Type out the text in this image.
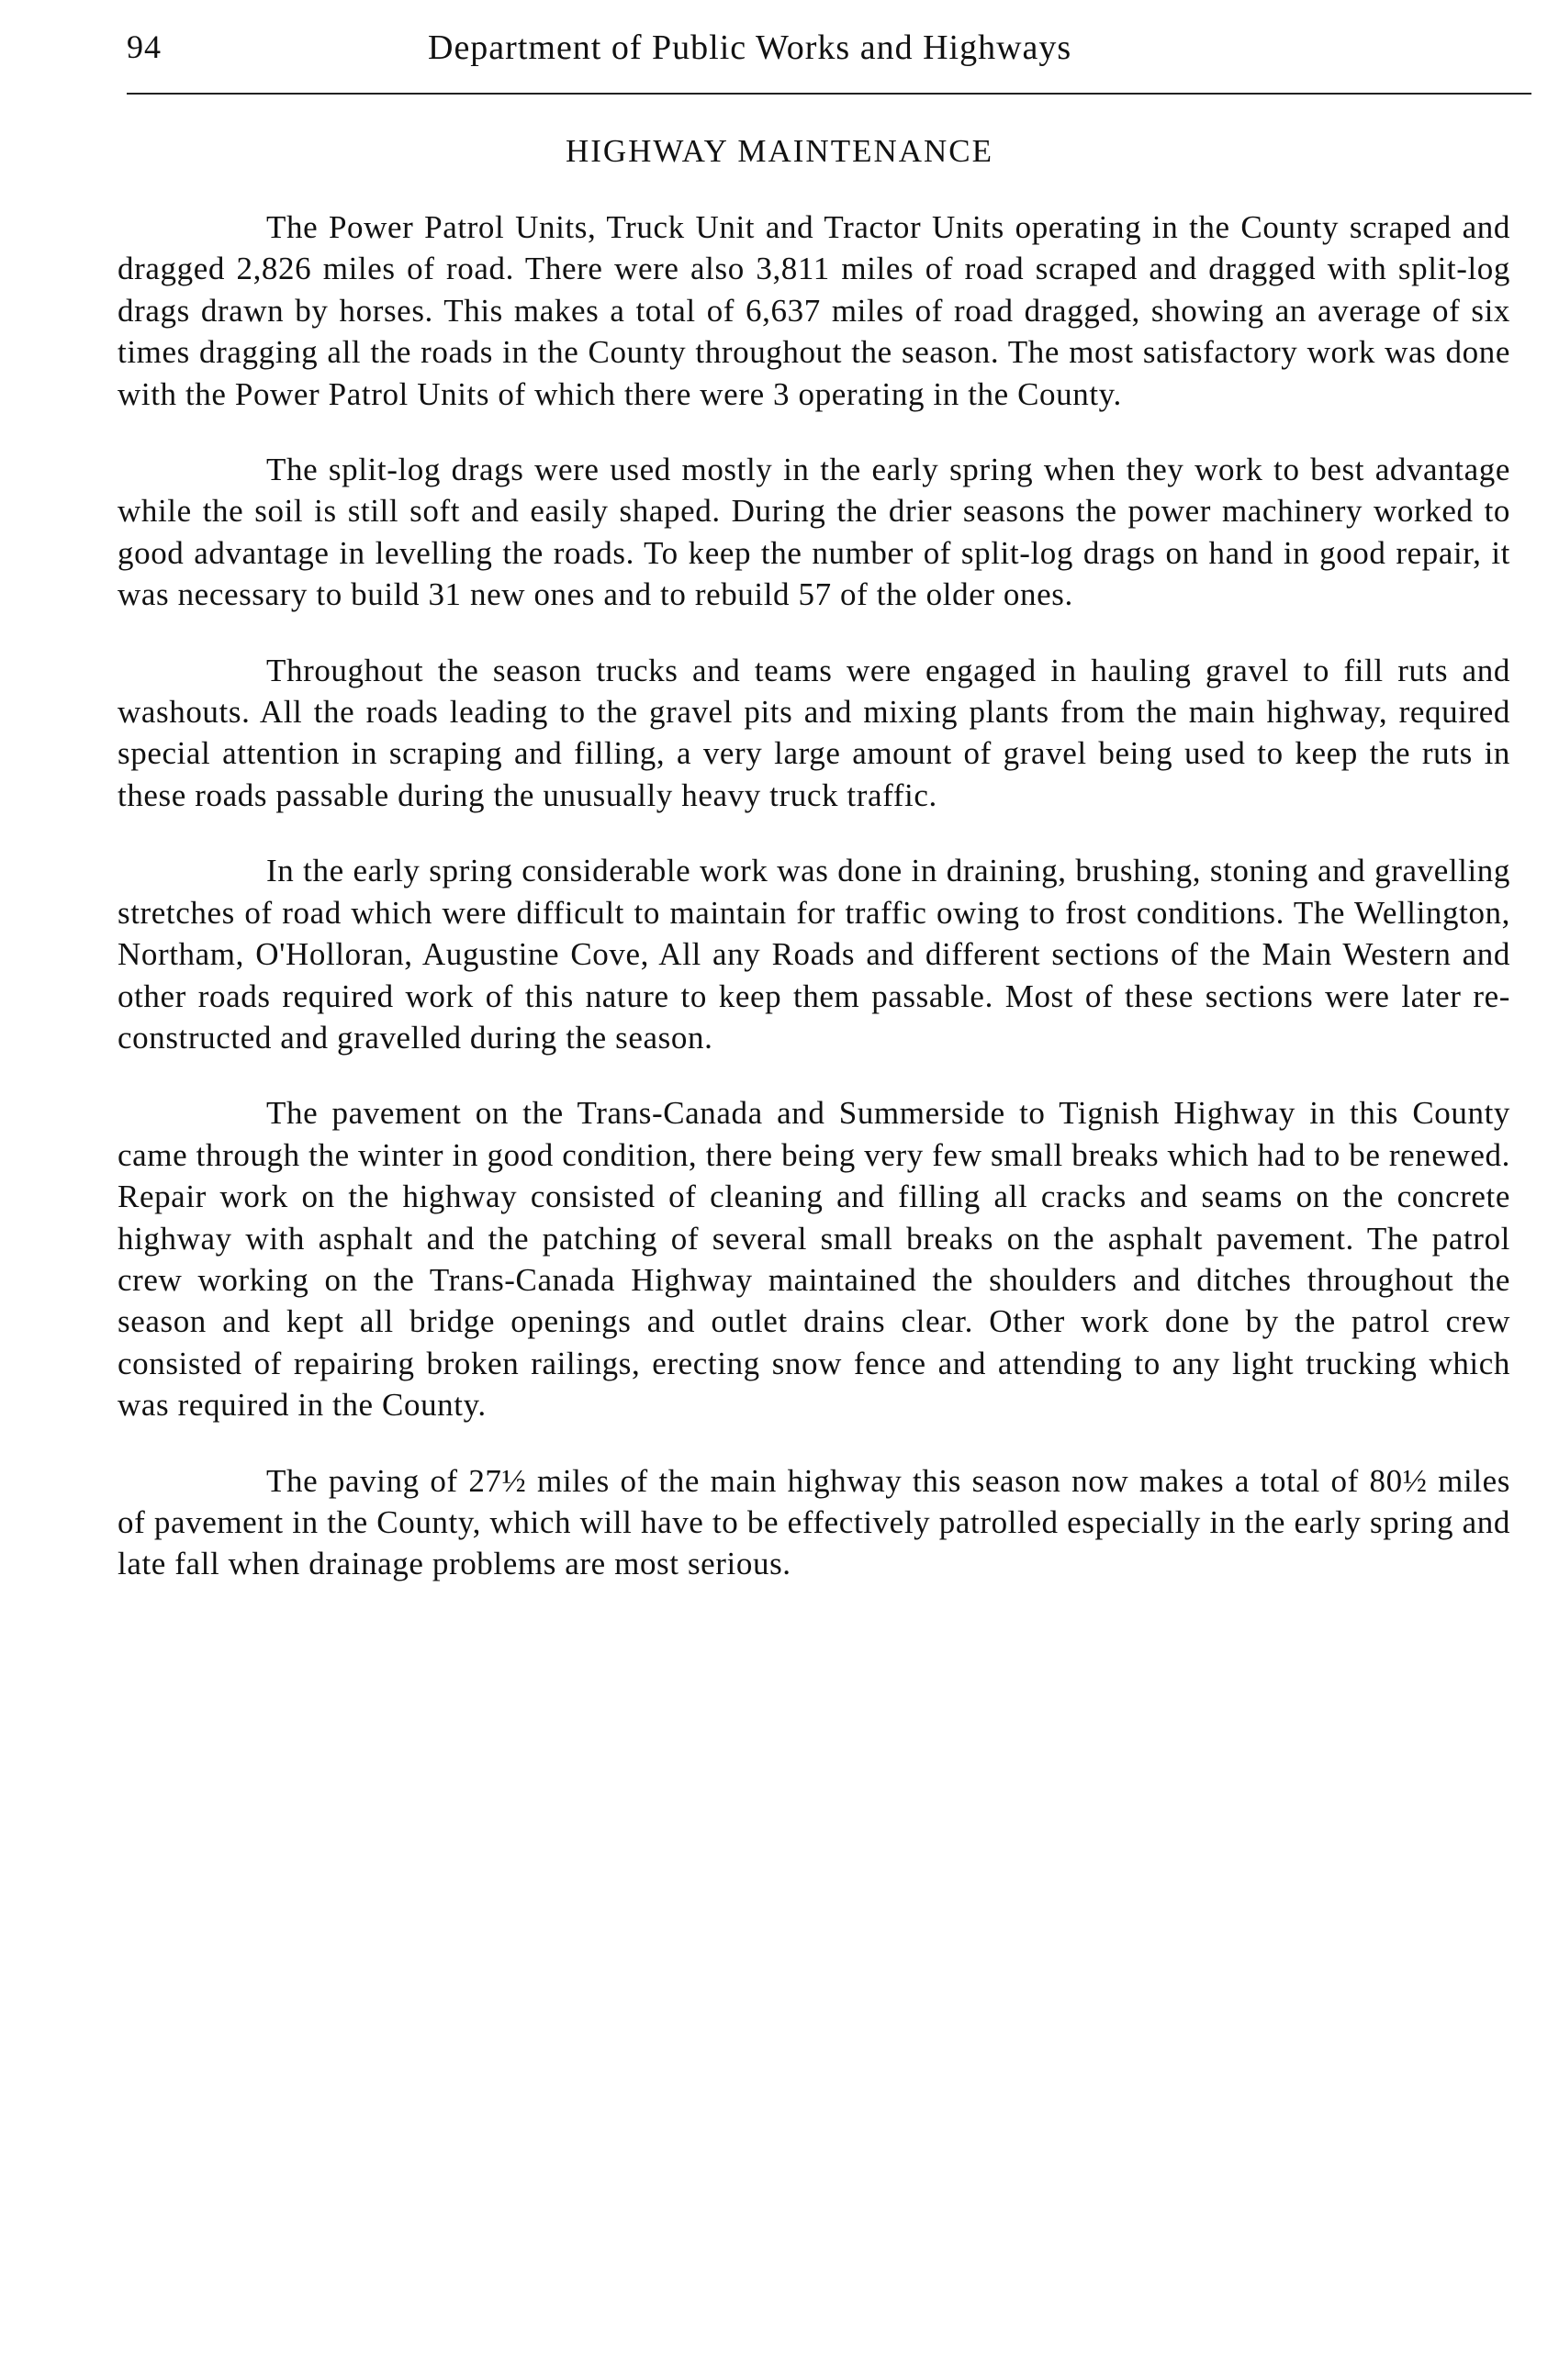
94	Department of Public Works and Highways
HIGHWAY MAINTENANCE

The Power Patrol Units, Truck Unit and Tractor Units operating in the County scraped and dragged 2,826 miles of road. There were also 3,811 miles of road scraped and dragged with split-log drags drawn by horses. This makes a total of 6,637 miles of road dragged, showing an average of six times dragging all the roads in the County throughout the season. The most satisfactory work was done with the Power Patrol Units of which there were 3 operating in the County.

The split-log drags were used mostly in the early spring when they work to best advantage while the soil is still soft and easily shaped. During the drier seasons the power machinery worked to good advantage in levelling the roads. To keep the number of split-log drags on hand in good repair, it was necessary to build 31 new ones and to rebuild 57 of the older ones.

Throughout the season trucks and teams were engaged in hauling gravel to fill ruts and washouts. All the roads leading to the gravel pits and mixing plants from the main highway, required special attention in scraping and filling, a very large amount of gravel being used to keep the ruts in these roads passable during the unusually heavy truck traffic.

In the early spring considerable work was done in draining, brushing, stoning and gravelling stretches of road which were difficult to maintain for traffic owing to frost conditions. The Wellington, Northam, O'Holloran, Augustine Cove, All any Roads and different sections of the Main Western and other roads required work of this nature to keep them passable. Most of these sections were later re-constructed and gravelled during the season.

The pavement on the Trans-Canada and Summerside to Tignish Highway in this County came through the winter in good condition, there being very few small breaks which had to be renewed. Repair work on the highway consisted of cleaning and filling all cracks and seams on the concrete highway with asphalt and the patching of several small breaks on the asphalt pavement. The patrol crew working on the Trans-Canada Highway maintained the shoulders and ditches throughout the season and kept all bridge openings and outlet drains clear. Other work done by the patrol crew consisted of repairing broken railings, erecting snow fence and attending to any light trucking which was required in the County.

The paving of 27½ miles of the main highway this season now makes a total of 80½ miles of pavement in the County, which will have to be effectively patrolled especially in the early spring and late fall when drainage problems are most serious.
